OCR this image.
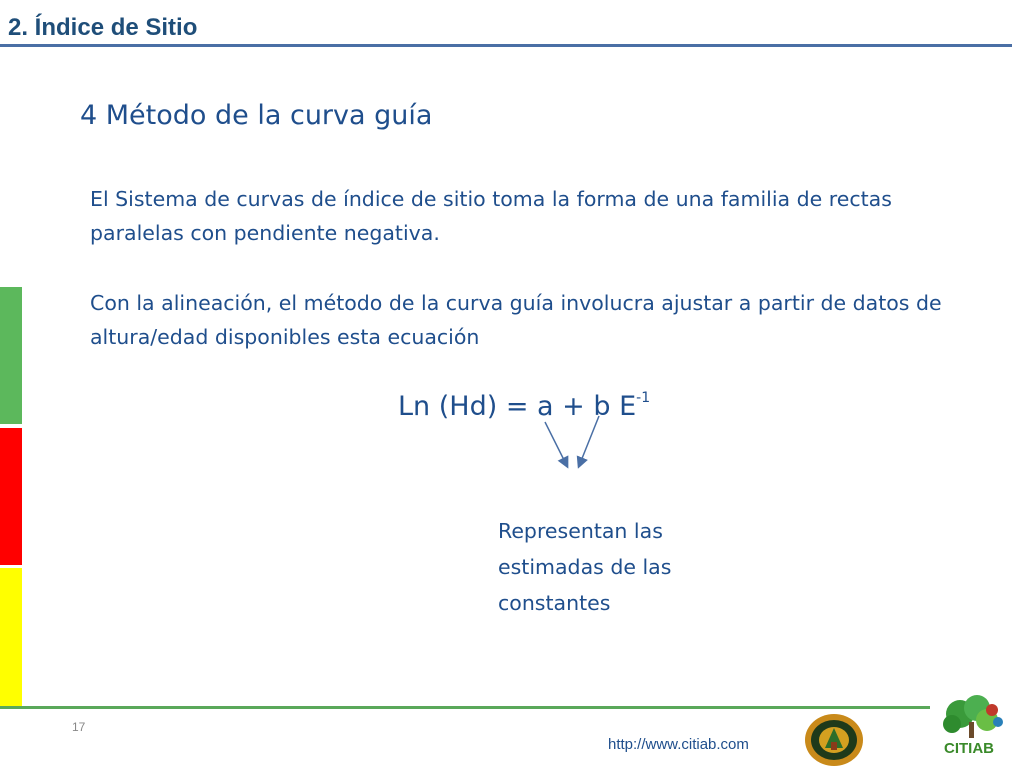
2. Índice de Sitio
4 Método de la curva guía
El Sistema de curvas de índice de sitio toma la forma de una familia de rectas paralelas con pendiente negativa.
Con la alineación, el método de la curva guía involucra ajustar a partir de datos de altura/edad disponibles esta ecuación
Ln (Hd) = a + b $E^{-1}$
Representan las estimadas de las constantes
17
http://www.citiab.com	CITIAB
